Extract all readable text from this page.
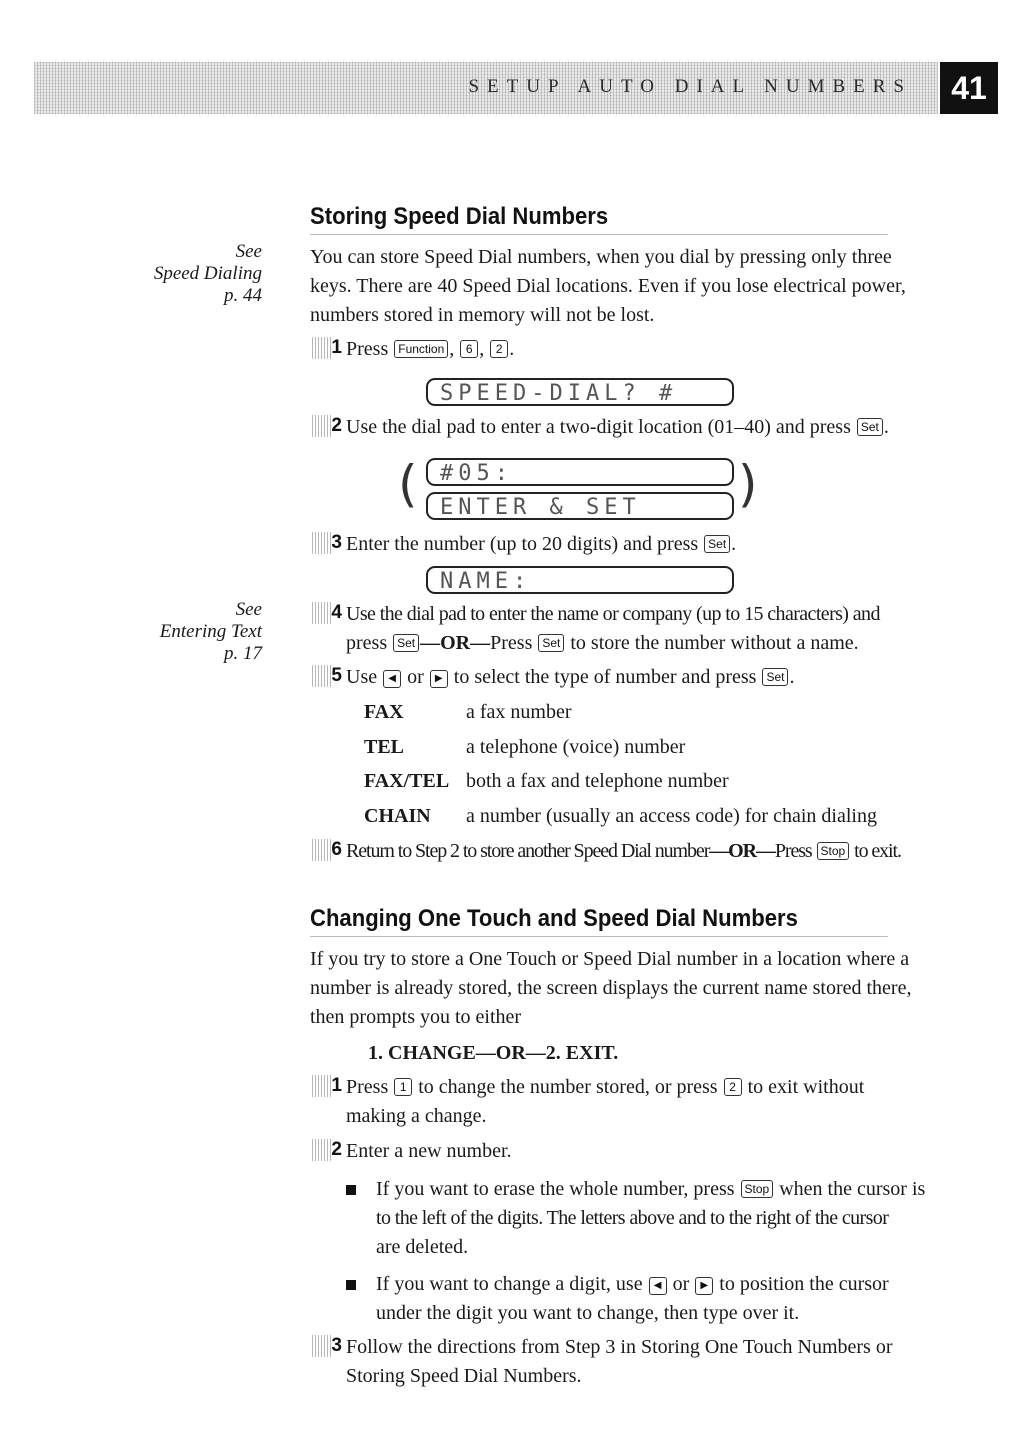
SETUP AUTO DIAL NUMBERS	41
See
Speed Dialing
p. 44
See
Entering Text
p. 17
Storing Speed Dial Numbers
You can store Speed Dial numbers, when you dial by pressing only three
keys. There are 40 Speed Dial locations. Even if you lose electrical power,
numbers stored in memory will not be lost.
1 Press Function , 6 , 2 .
SPEED-DIAL? #
2 Use the dial pad to enter a two-digit location (01–40) and press Set .
(	#05:
ENTER & SET	)
3 Enter the number (up to 20 digits) and press Set .
NAME:
4 Use the dial pad to enter the name or company (up to 15 characters) and
press Set —OR—Press Set to store the number without a name.
5 Use ◀ or ▶ to select the type of number and press Set .
FAX	a fax number
TEL	a telephone (voice) number
FAX/TEL both a fax and telephone number
CHAIN a number (usually an access code) for chain dialing
6 Return to Step 2 to store another Speed Dial number—OR—Press Stop to exit.
Changing One Touch and Speed Dial Numbers
If you try to store a One Touch or Speed Dial number in a location where a
number is already stored, the screen displays the current name stored there,
then prompts you to either
1. CHANGE—OR—2. EXIT.
1 Press 1 to change the number stored, or press 2 to exit without
making a change.
2 Enter a new number.
If you want to erase the whole number, press Stop when the cursor is
to the left of the digits. The letters above and to the right of the cursor
are deleted.
If you want to change a digit, use ◀ or ▶ to position the cursor
under the digit you want to change, then type over it.
3 Follow the directions from Step 3 in Storing One Touch Numbers or
Storing Speed Dial Numbers.
